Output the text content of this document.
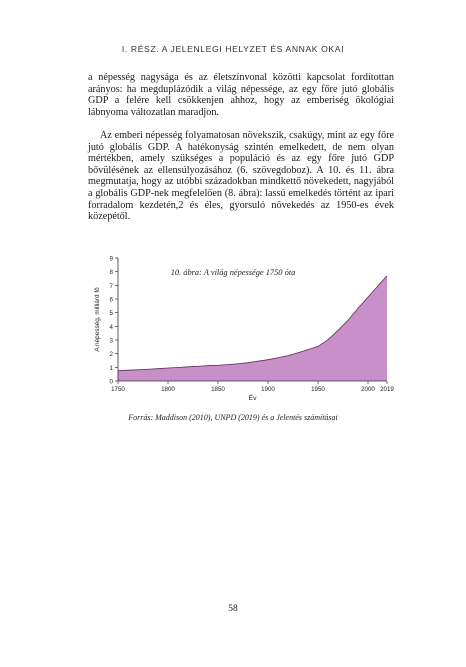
I. RÉSZ. A JELENLEGI HELYZET ÉS ANNAK OKAI

a népesség nagysága és az életszínvonal közötti kapcsolat fordítottan arányos: ha megduplázódik a világ népessége, az egy főre jutó globális GDP a felére kell csökkenjen ahhoz, hogy az emberiség ökológiai lábnyoma változatlan maradjon.

Az emberi népesség folyamatosan növekszik, csakúgy, mint az egy főre jutó globális GDP. A hatékonyság szintén emelkedett, de nem olyan mértékben, amely szükséges a populáció és az egy főre jutó GDP bővülésének az ellensúlyozásához (6. szövegdoboz). A 10. és 11. ábra megmutatja, hogy az utóbbi századokban mindkettő növekedett, nagyjából a globális GDP-nek megfelelően (8. ábra): lassú emelkedés történt az ipari forradalom kezdetén,2 és éles, gyorsuló növekedés az 1950-es évek közepétől.

10. ábra: A világ népessége 1750 óta
0
1
2
3
4
5
6
7
8
9
1750	1800	1850	1900	1950	2000 2019
Év
A népesség, milliárd fő
Forrás: Maddison (2010), UNPD (2019) és a Jelentés számításai
58
